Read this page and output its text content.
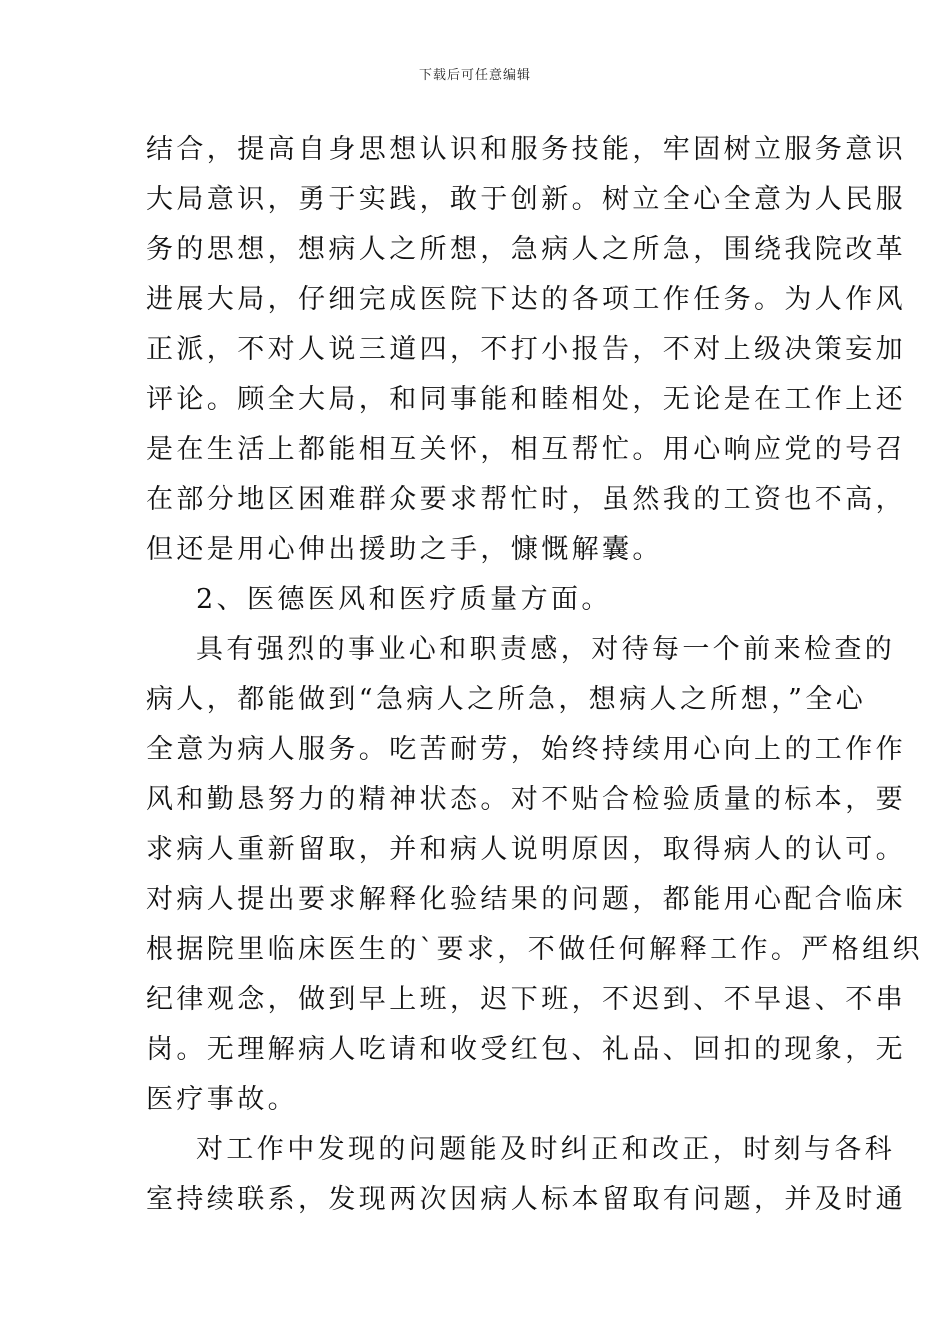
下载后可任意编辑
结合，提高自身思想认识和服务技能，牢固树立服务意识
大局意识，勇于实践，敢于创新。树立全心全意为人民服
务的思想，想病人之所想，急病人之所急，围绕我院改革
进展大局，仔细完成医院下达的各项工作任务。为人作风
正派，不对人说三道四，不打小报告，不对上级决策妄加
评论。顾全大局，和同事能和睦相处，无论是在工作上还
是在生活上都能相互关怀，相互帮忙。用心响应党的号召
在部分地区困难群众要求帮忙时，虽然我的工资也不高，
但还是用心伸出援助之手，慷慨解囊。
2、医德医风和医疗质量方面。
具有强烈的事业心和职责感，对待每一个前来检查的
病人，都能做到“急病人之所急，想病人之所想，”全心
全意为病人服务。吃苦耐劳，始终持续用心向上的工作作
风和勤恳努力的精神状态。对不贴合检验质量的标本，要
求病人重新留取，并和病人说明原因，取得病人的认可。
对病人提出要求解释化验结果的问题，都能用心配合临床
根据院里临床医生的`要求，不做任何解释工作。严格组织
纪律观念，做到早上班，迟下班，不迟到、不早退、不串
岗。无理解病人吃请和收受红包、礼品、回扣的现象，无
医疗事故。
对工作中发现的问题能及时纠正和改正，时刻与各科
室持续联系，发现两次因病人标本留取有问题，并及时通
